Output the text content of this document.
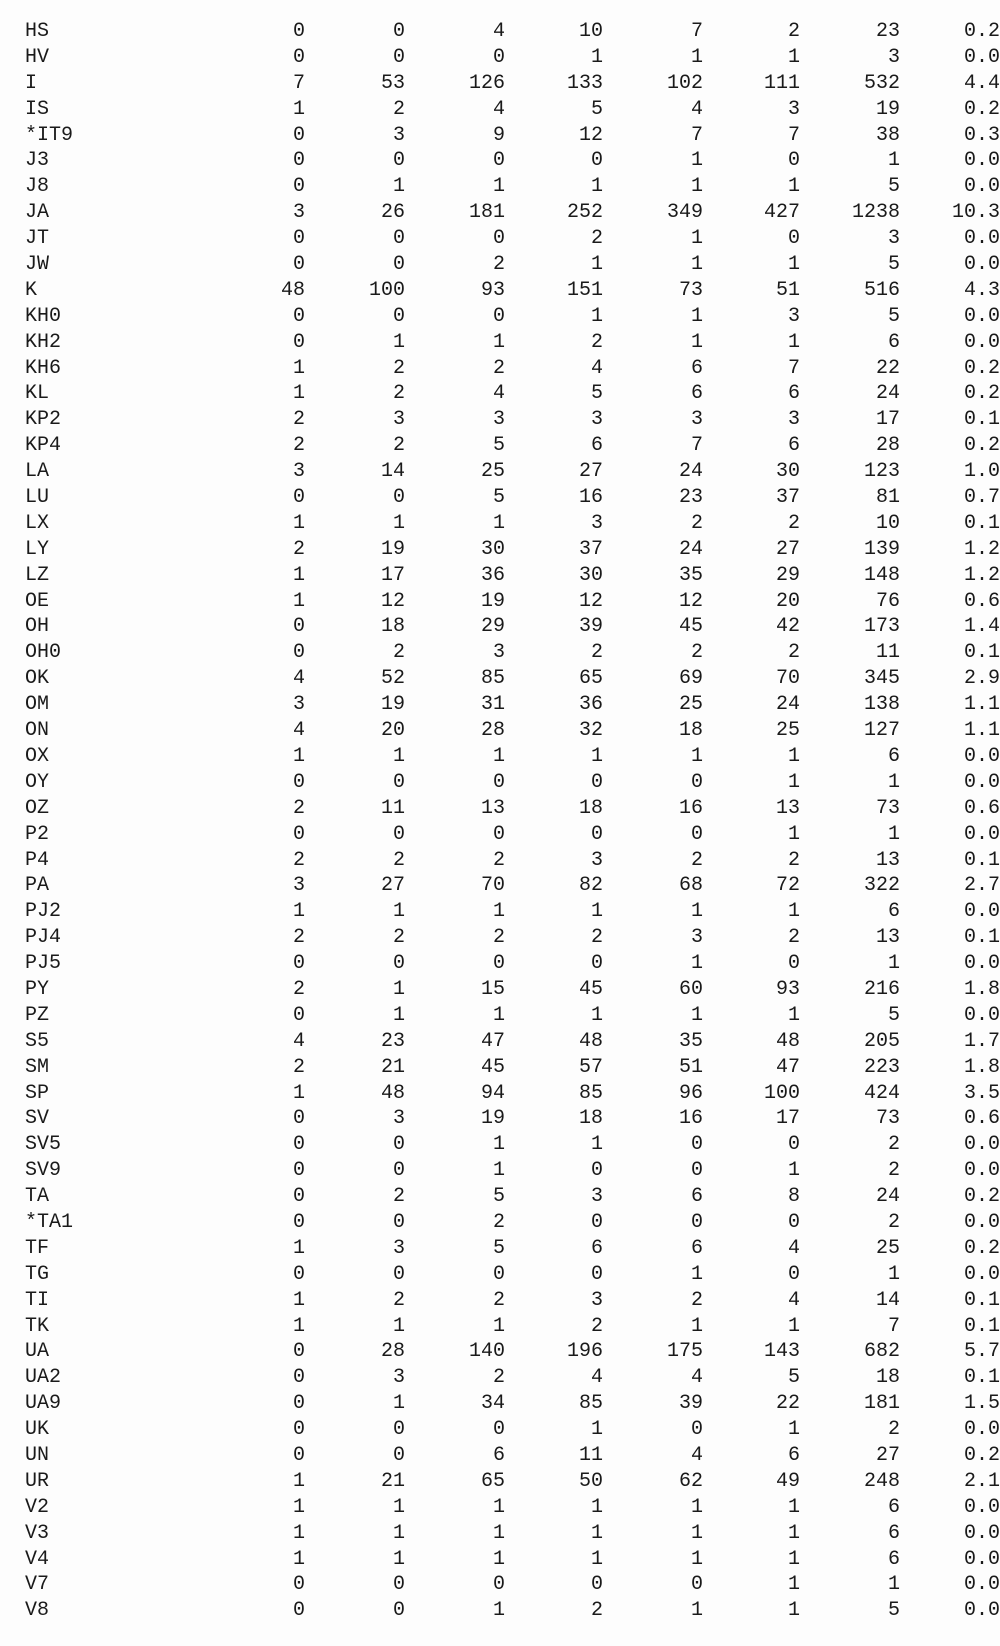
HS	0	0	4	10	7	2	23	0.2
HV	0	0	0	1	1	1	3	0.0
I	7	53	126	133	102	111	532	4.4
IS	1	2	4	5	4	3	19	0.2
*IT9	0	3	9	12	7	7	38	0.3
J3	0	0	0	0	1	0	1	0.0
J8	0	1	1	1	1	1	5	0.0
JA	3	26	181	252	349	427	1238	10.3
JT	0	0	0	2	1	0	3	0.0
JW	0	0	2	1	1	1	5	0.0
K	48	100	93	151	73	51	516	4.3
KH0	0	0	0	1	1	3	5	0.0
KH2	0	1	1	2	1	1	6	0.0
KH6	1	2	2	4	6	7	22	0.2
KL	1	2	4	5	6	6	24	0.2
KP2	2	3	3	3	3	3	17	0.1
KP4	2	2	5	6	7	6	28	0.2
LA	3	14	25	27	24	30	123	1.0
LU	0	0	5	16	23	37	81	0.7
LX	1	1	1	3	2	2	10	0.1
LY	2	19	30	37	24	27	139	1.2
LZ	1	17	36	30	35	29	148	1.2
OE	1	12	19	12	12	20	76	0.6
OH	0	18	29	39	45	42	173	1.4
OH0	0	2	3	2	2	2	11	0.1
OK	4	52	85	65	69	70	345	2.9
OM	3	19	31	36	25	24	138	1.1
ON	4	20	28	32	18	25	127	1.1
OX	1	1	1	1	1	1	6	0.0
OY	0	0	0	0	0	1	1	0.0
OZ	2	11	13	18	16	13	73	0.6
P2	0	0	0	0	0	1	1	0.0
P4	2	2	2	3	2	2	13	0.1
PA	3	27	70	82	68	72	322	2.7
PJ2	1	1	1	1	1	1	6	0.0
PJ4	2	2	2	2	3	2	13	0.1
PJ5	0	0	0	0	1	0	1	0.0
PY	2	1	15	45	60	93	216	1.8
PZ	0	1	1	1	1	1	5	0.0
S5	4	23	47	48	35	48	205	1.7
SM	2	21	45	57	51	47	223	1.8
SP	1	48	94	85	96	100	424	3.5
SV	0	3	19	18	16	17	73	0.6
SV5	0	0	1	1	0	0	2	0.0
SV9	0	0	1	0	0	1	2	0.0
TA	0	2	5	3	6	8	24	0.2
*TA1	0	0	2	0	0	0	2	0.0
TF	1	3	5	6	6	4	25	0.2
TG	0	0	0	0	1	0	1	0.0
TI	1	2	2	3	2	4	14	0.1
TK	1	1	1	2	1	1	7	0.1
UA	0	28	140	196	175	143	682	5.7
UA2	0	3	2	4	4	5	18	0.1
UA9	0	1	34	85	39	22	181	1.5
UK	0	0	0	1	0	1	2	0.0
UN	0	0	6	11	4	6	27	0.2
UR	1	21	65	50	62	49	248	2.1
V2	1	1	1	1	1	1	6	0.0
V3	1	1	1	1	1	1	6	0.0
V4	1	1	1	1	1	1	6	0.0
V7	0	0	0	0	0	1	1	0.0
V8	0	0	1	2	1	1	5	0.0
